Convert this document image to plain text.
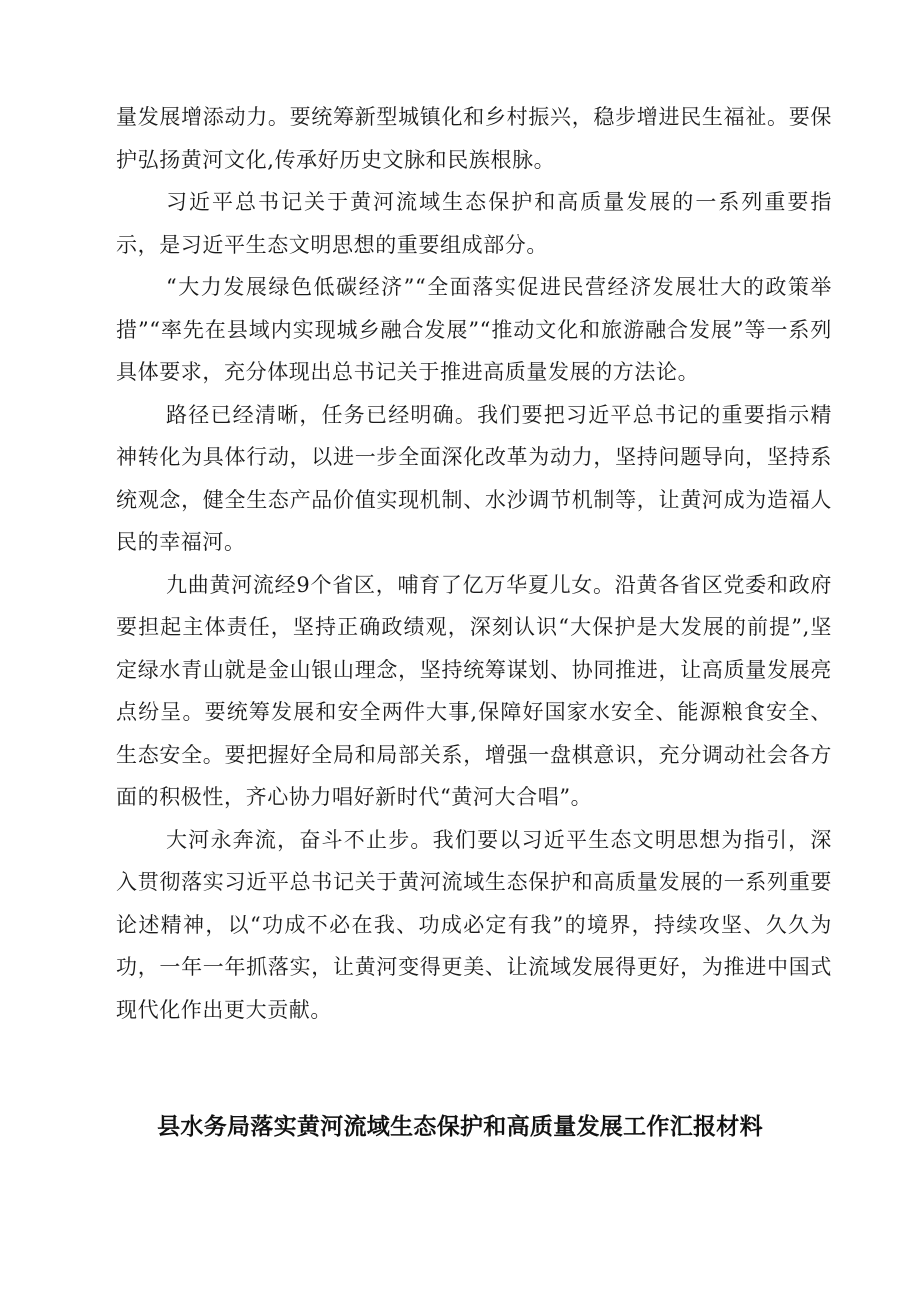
量发展增添动力。要统筹新型城镇化和乡村振兴，稳步增进民生福祉。要保护弘扬黄河文化,传承好历史文脉和民族根脉。

习近平总书记关于黄河流域生态保护和高质量发展的一系列重要指示，是习近平生态文明思想的重要组成部分。

“大力发展绿色低碳经济”“全面落实促进民营经济发展壮大的政策举措”“率先在县域内实现城乡融合发展”“推动文化和旅游融合发展”等一系列具体要求，充分体现出总书记关于推进高质量发展的方法论。

路径已经清晰，任务已经明确。我们要把习近平总书记的重要指示精神转化为具体行动，以进一步全面深化改革为动力，坚持问题导向，坚持系统观念，健全生态产品价值实现机制、水沙调节机制等，让黄河成为造福人民的幸福河。

九曲黄河流经9个省区，哺育了亿万华夏儿女。沿黄各省区党委和政府要担起主体责任，坚持正确政绩观，深刻认识“大保护是大发展的前提”,坚定绿水青山就是金山银山理念，坚持统筹谋划、协同推进，让高质量发展亮点纷呈。要统筹发展和安全两件大事,保障好国家水安全、能源粮食安全、生态安全。要把握好全局和局部关系，增强一盘棋意识，充分调动社会各方面的积极性，齐心协力唱好新时代“黄河大合唱”。

大河永奔流，奋斗不止步。我们要以习近平生态文明思想为指引，深入贯彻落实习近平总书记关于黄河流域生态保护和高质量发展的一系列重要论述精神，以“功成不必在我、功成必定有我”的境界，持续攻坚、久久为功，一年一年抓落实，让黄河变得更美、让流域发展得更好，为推进中国式现代化作出更大贡献。

县水务局落实黄河流域生态保护和高质量发展工作汇报材料
